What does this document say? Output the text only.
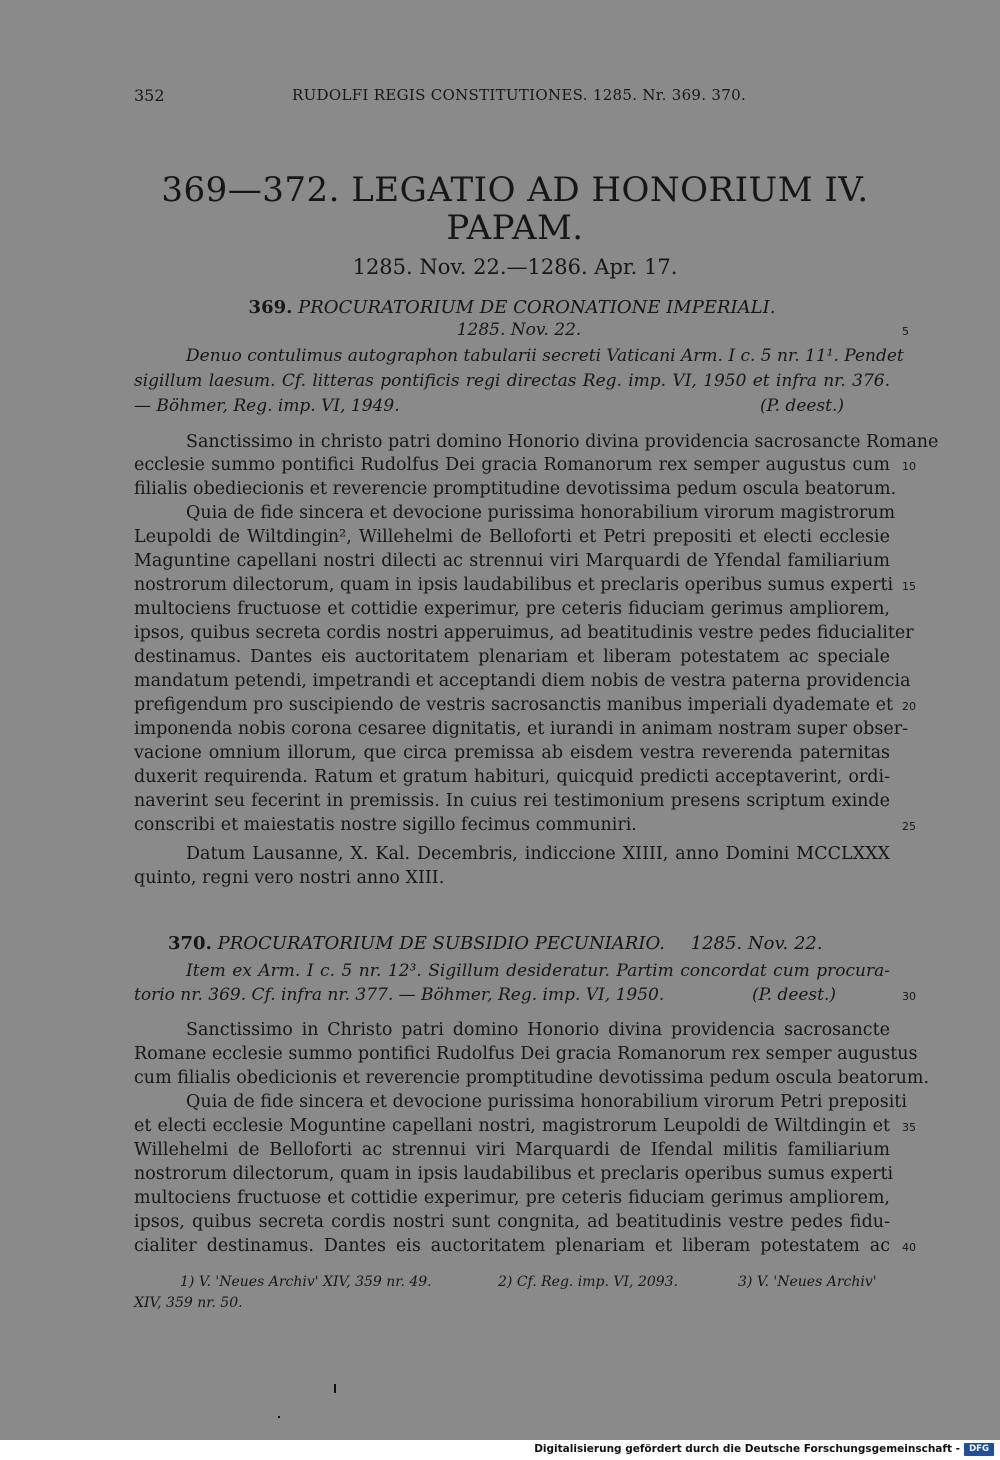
352	RUDOLFI REGIS CONSTITUTIONES. 1285. Nr. 369. 370.
369—372. LEGATIO AD HONORIUM IV.
PAPAM.
1285. Nov. 22.—1286. Apr. 17.
369. PROCURATORIUM DE CORONATIONE IMPERIALI.
1285. Nov. 22.
Denuo contulimus autographon tabularii secreti Vaticani Arm. I c. 5 nr. 11¹. Pendet
sigillum laesum. Cf. litteras pontificis regi directas Reg. imp. VI, 1950 et infra nr. 376.
— Böhmer, Reg. imp. VI, 1949.	(P. deest.)
Sanctissimo in christo patri domino Honorio divina providencia sacrosancte Romane
ecclesie summo pontifici Rudolfus Dei gracia Romanorum rex semper augustus cum
filialis obediecionis et reverencie promptitudine devotissima pedum oscula beatorum.
Quia de fide sincera et devocione purissima honorabilium virorum magistrorum
Leupoldi de Wiltdingin², Willehelmi de Belloforti et Petri prepositi et electi ecclesie
Maguntine capellani nostri dilecti ac strennui viri Marquardi de Yfendal familiarium
nostrorum dilectorum, quam in ipsis laudabilibus et preclaris operibus sumus experti
multociens fructuose et cottidie experimur, pre ceteris fiduciam gerimus ampliorem,
ipsos, quibus secreta cordis nostri apperuimus, ad beatitudinis vestre pedes fiducialiter
destinamus. Dantes eis auctoritatem plenariam et liberam potestatem ac speciale
mandatum petendi, impetrandi et acceptandi diem nobis de vestra paterna providencia
prefigendum pro suscipiendo de vestris sacrosanctis manibus imperiali dyademate et
imponenda nobis corona cesaree dignitatis, et iurandi in animam nostram super obser-
vacione omnium illorum, que circa premissa ab eisdem vestra reverenda paternitas
duxerit requirenda. Ratum et gratum habituri, quicquid predicti acceptaverint, ordi-
naverint seu fecerint in premissis. In cuius rei testimonium presens scriptum exinde
conscribi et maiestatis nostre sigillo fecimus communiri.
Datum Lausanne, X. Kal. Decembris, indiccione XIIII, anno Domini MCCLXXX
quinto, regni vero nostri anno XIII.
370. PROCURATORIUM DE SUBSIDIO PECUNIARIO. 1285. Nov. 22.
Item ex Arm. I c. 5 nr. 12³. Sigillum desideratur. Partim concordat cum procura-
torio nr. 369. Cf. infra nr. 377. — Böhmer, Reg. imp. VI, 1950.	(P. deest.)
Sanctissimo in Christo patri domino Honorio divina providencia sacrosancte
Romane ecclesie summo pontifici Rudolfus Dei gracia Romanorum rex semper augustus
cum filialis obedicionis et reverencie promptitudine devotissima pedum oscula beatorum.
Quia de fide sincera et devocione purissima honorabilium virorum Petri prepositi
et electi ecclesie Moguntine capellani nostri, magistrorum Leupoldi de Wiltdingin et
Willehelmi de Belloforti ac strennui viri Marquardi de Ifendal militis familiarium
nostrorum dilectorum, quam in ipsis laudabilibus et preclaris operibus sumus experti
multociens fructuose et cottidie experimur, pre ceteris fiduciam gerimus ampliorem,
ipsos, quibus secreta cordis nostri sunt congnita, ad beatitudinis vestre pedes fidu-
cialiter destinamus. Dantes eis auctoritatem plenariam et liberam potestatem ac
5
10
15
20
25
30
35
40
1) V. 'Neues Archiv' XIV, 359 nr. 49.	2) Cf. Reg. imp. VI, 2093.	3) V. 'Neues Archiv'
XIV, 359 nr. 50.
Digitalisierung gefördert durch die Deutsche Forschungsgemeinschaft -	DFG
